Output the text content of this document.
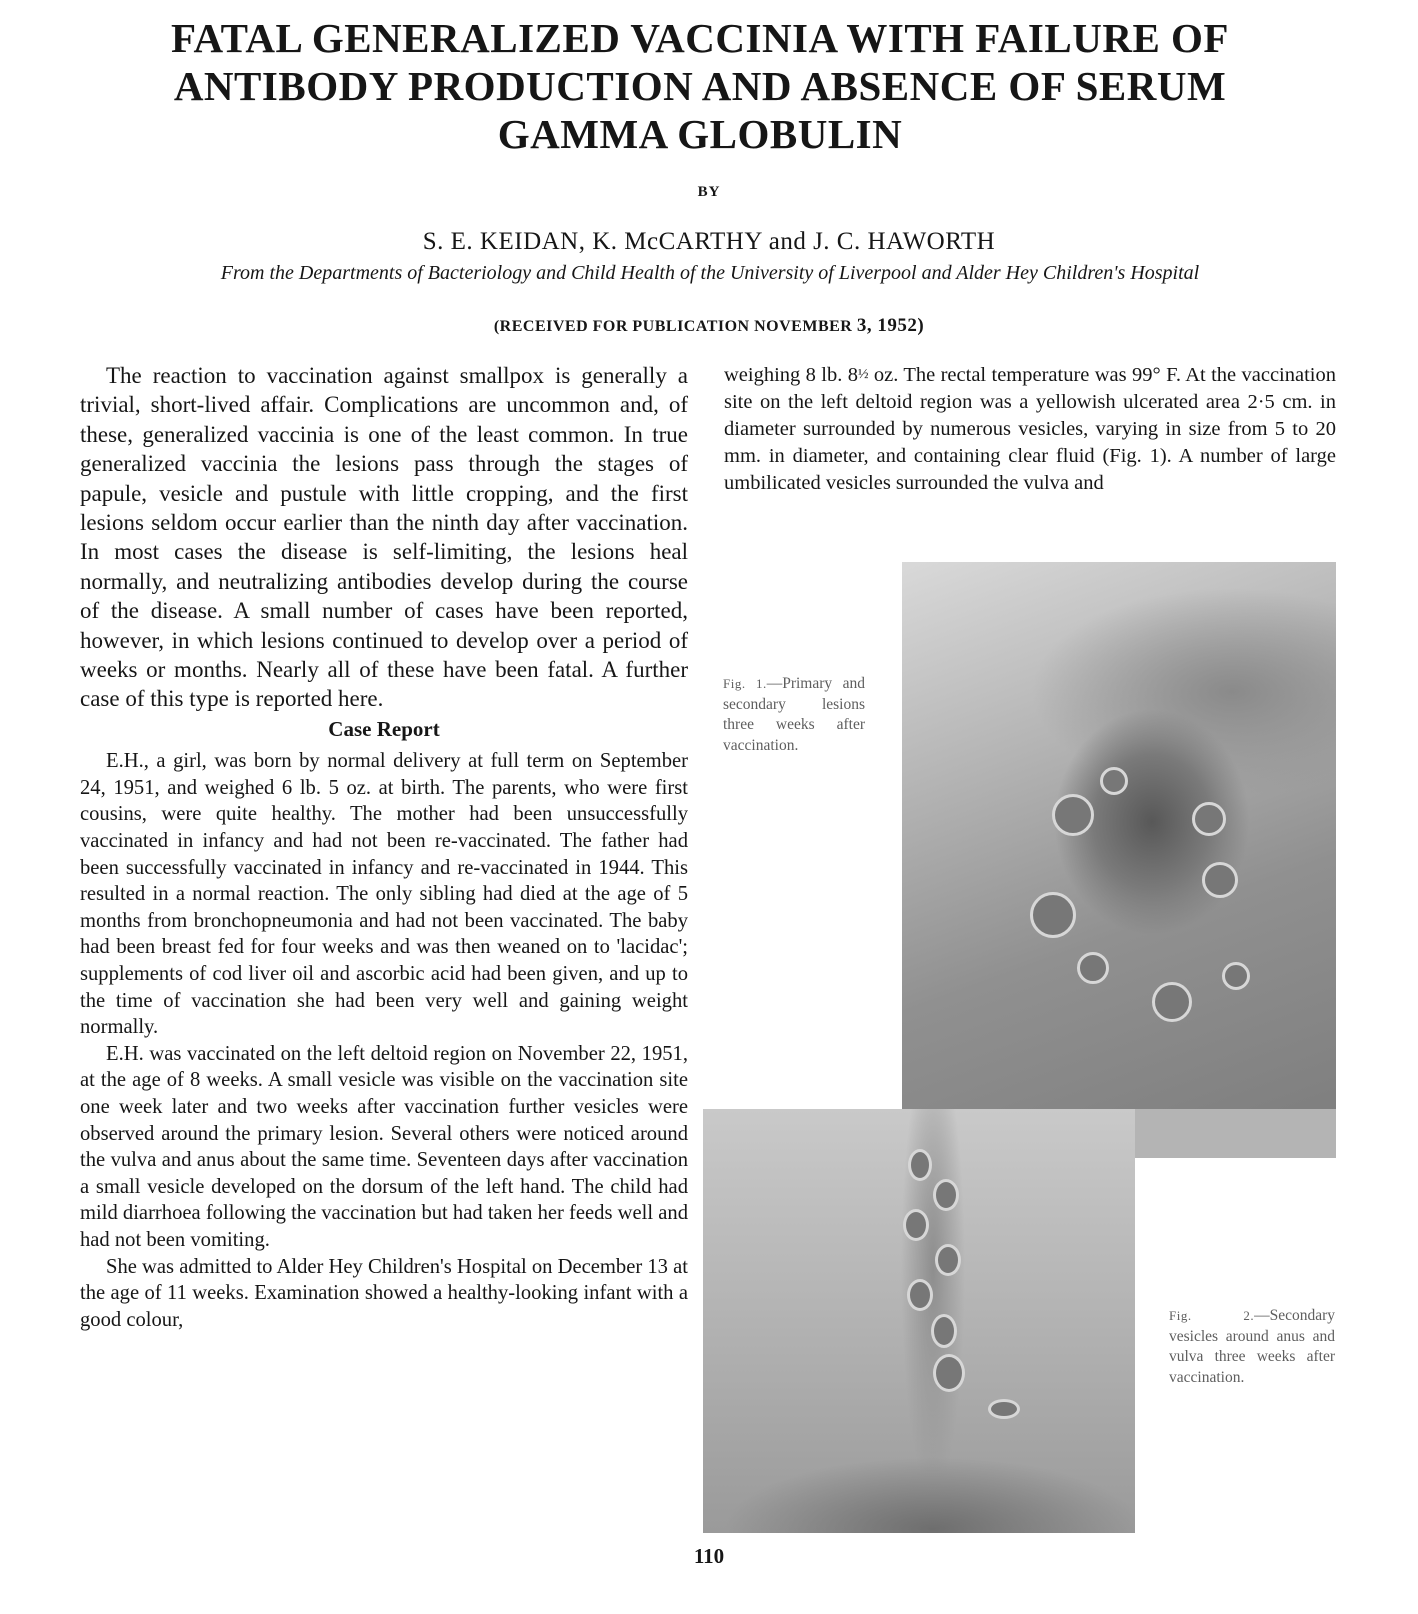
FATAL GENERALIZED VACCINIA WITH FAILURE OF ANTIBODY PRODUCTION AND ABSENCE OF SERUM GAMMA GLOBULIN
BY
S. E. KEIDAN, K. McCARTHY and J. C. HAWORTH
From the Departments of Bacteriology and Child Health of the University of Liverpool and Alder Hey Children's Hospital
(RECEIVED FOR PUBLICATION NOVEMBER 3, 1952)

The reaction to vaccination against smallpox is generally a trivial, short-lived affair. Complications are uncommon and, of these, generalized vaccinia is one of the least common. In true generalized vaccinia the lesions pass through the stages of papule, vesicle and pustule with little cropping, and the first lesions seldom occur earlier than the ninth day after vaccination. In most cases the disease is self-limiting, the lesions heal normally, and neutralizing antibodies develop during the course of the disease. A small number of cases have been reported, however, in which lesions continued to develop over a period of weeks or months. Nearly all of these have been fatal. A further case of this type is reported here.

Case Report

E.H., a girl, was born by normal delivery at full term on September 24, 1951, and weighed 6 lb. 5 oz. at birth. The parents, who were first cousins, were quite healthy. The mother had been unsuccessfully vaccinated in infancy and had not been re-vaccinated. The father had been successfully vaccinated in infancy and re-vaccinated in 1944. This resulted in a normal reaction. The only sibling had died at the age of 5 months from bronchopneumonia and had not been vaccinated. The baby had been breast fed for four weeks and was then weaned on to 'lacidac'; supplements of cod liver oil and ascorbic acid had been given, and up to the time of vaccination she had been very well and gaining weight normally.

E.H. was vaccinated on the left deltoid region on November 22, 1951, at the age of 8 weeks. A small vesicle was visible on the vaccination site one week later and two weeks after vaccination further vesicles were observed around the primary lesion. Several others were noticed around the vulva and anus about the same time. Seventeen days after vaccination a small vesicle developed on the dorsum of the left hand. The child had mild diarrhoea following the vaccination but had taken her feeds well and had not been vomiting.

She was admitted to Alder Hey Children's Hospital on December 13 at the age of 11 weeks. Examination showed a healthy-looking infant with a good colour,

weighing 8 lb. 8½ oz. The rectal temperature was 99° F. At the vaccination site on the left deltoid region was a yellowish ulcerated area 2·5 cm. in diameter surrounded by numerous vesicles, varying in size from 5 to 20 mm. in diameter, and containing clear fluid (Fig. 1). A number of large umbilicated vesicles surrounded the vulva and

Fig. 1.—Primary and secondary lesions three weeks after vaccination.
Fig. 2.—Secondary vesicles around anus and vulva three weeks after vaccination.
110
